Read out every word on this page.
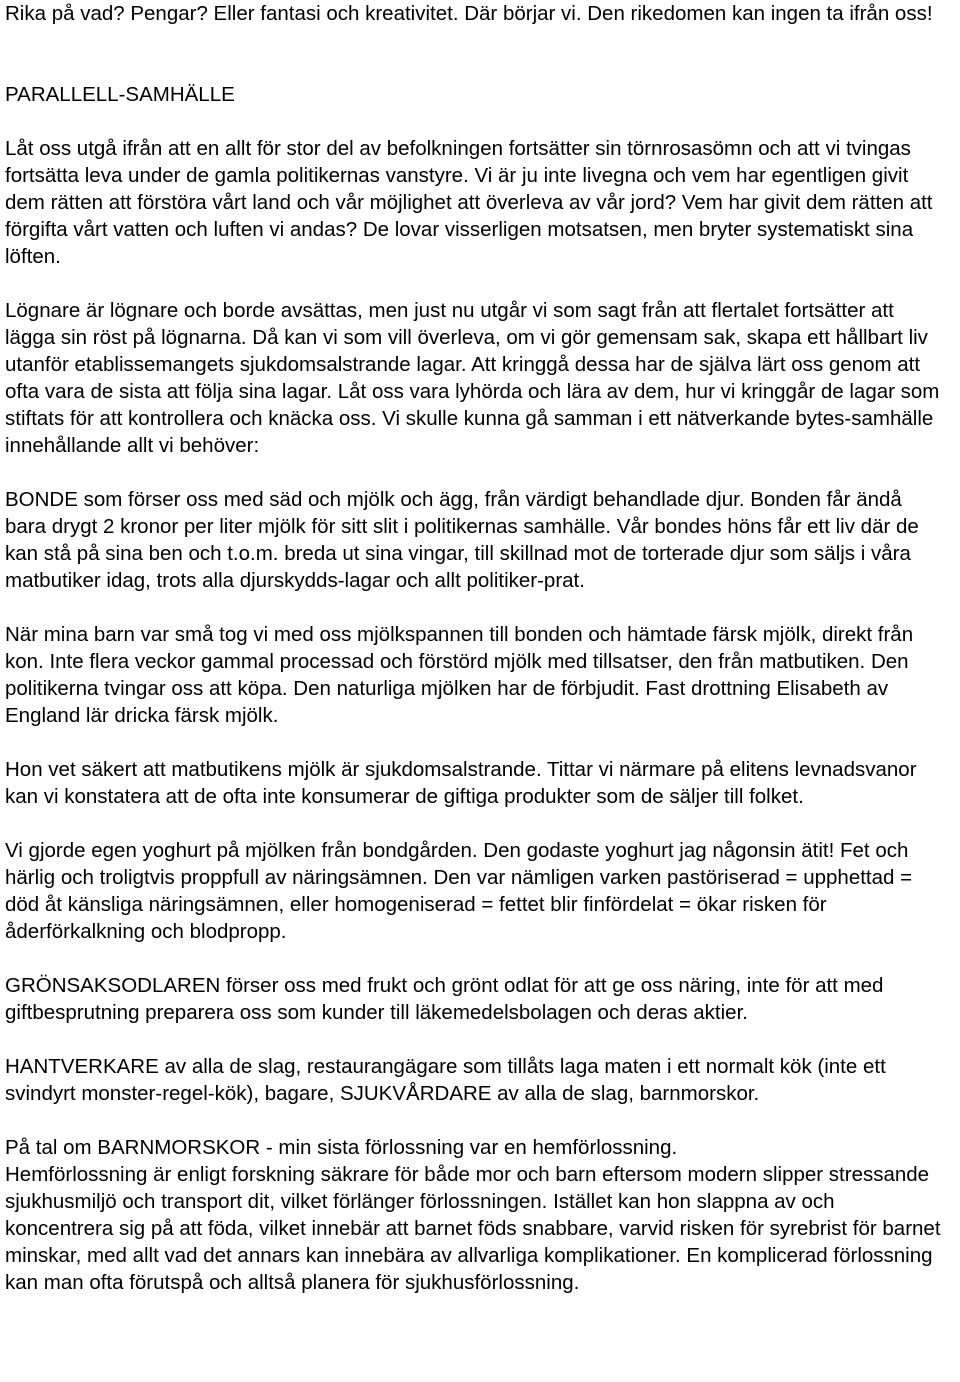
Rika på vad? Pengar? Eller fantasi och kreativitet. Där börjar vi. Den rikedomen kan ingen ta ifrån oss!

PARALLELL-SAMHÄLLE

Låt oss utgå ifrån att en allt för stor del av befolkningen fortsätter sin törnrosasömn och att vi tvingas fortsätta leva under de gamla politikernas vanstyre. Vi är ju inte livegna och vem har egentligen givit dem rätten att förstöra vårt land och vår möjlighet att överleva av vår jord? Vem har givit dem rätten att förgifta vårt vatten och luften vi andas? De lovar visserligen motsatsen, men bryter systematiskt sina löften.

Lögnare är lögnare och borde avsättas, men just nu utgår vi som sagt från att flertalet fortsätter att lägga sin röst på lögnarna. Då kan vi som vill överleva, om vi gör gemensam sak, skapa ett hållbart liv utanför etablissemangets sjukdomsalstrande lagar. Att kringgå dessa har de själva lärt oss genom att ofta vara de sista att följa sina lagar. Låt oss vara lyhörda och lära av dem, hur vi kringgår de lagar som stiftats för att kontrollera och knäcka oss. Vi skulle kunna gå samman i ett nätverkande bytes-samhälle innehållande allt vi behöver:

BONDE som förser oss med säd och mjölk och ägg, från värdigt behandlade djur. Bonden får ändå bara drygt 2 kronor per liter mjölk för sitt slit i politikernas samhälle. Vår bondes höns får ett liv där de kan stå på sina ben och t.o.m. breda ut sina vingar, till skillnad mot de torterade djur som säljs i våra matbutiker idag, trots alla djurskydds-lagar och allt politiker-prat.

När mina barn var små tog vi med oss mjölkspannen till bonden och hämtade färsk mjölk, direkt från kon. Inte flera veckor gammal processad och förstörd mjölk med tillsatser, den från matbutiken. Den politikerna tvingar oss att köpa. Den naturliga mjölken har de förbjudit. Fast drottning Elisabeth av England lär dricka färsk mjölk.

Hon vet säkert att matbutikens mjölk är sjukdomsalstrande. Tittar vi närmare på elitens levnadsvanor kan vi konstatera att de ofta inte konsumerar de giftiga produkter som de säljer till folket.

Vi gjorde egen yoghurt på mjölken från bondgården. Den godaste yoghurt jag någonsin ätit! Fet och härlig och troligtvis proppfull av näringsämnen. Den var nämligen varken pastöriserad = upphettad = död åt känsliga näringsämnen, eller homogeniserad = fettet blir finfördelat = ökar risken för åderförkalkning och blodpropp.

GRÖNSAKSODLAREN förser oss med frukt och grönt odlat för att ge oss näring, inte för att med giftbesprutning preparera oss som kunder till läkemedelsbolagen och deras aktier.

HANTVERKARE av alla de slag, restaurangägare som tillåts laga maten i ett normalt kök (inte ett svindyrt monster-regel-kök), bagare, SJUKVÅRDARE av alla de slag, barnmorskor.

På tal om BARNMORSKOR - min sista förlossning var en hemförlossning.

Hemförlossning är enligt forskning säkrare för både mor och barn eftersom modern slipper stressande sjukhusmiljö och transport dit, vilket förlänger förlossningen. Istället kan hon slappna av och koncentrera sig på att föda, vilket innebär att barnet föds snabbare, varvid risken för syrebrist för barnet minskar, med allt vad det annars kan innebära av allvarliga komplikationer. En komplicerad förlossning kan man ofta förutspå och alltså planera för sjukhusförlossning.
